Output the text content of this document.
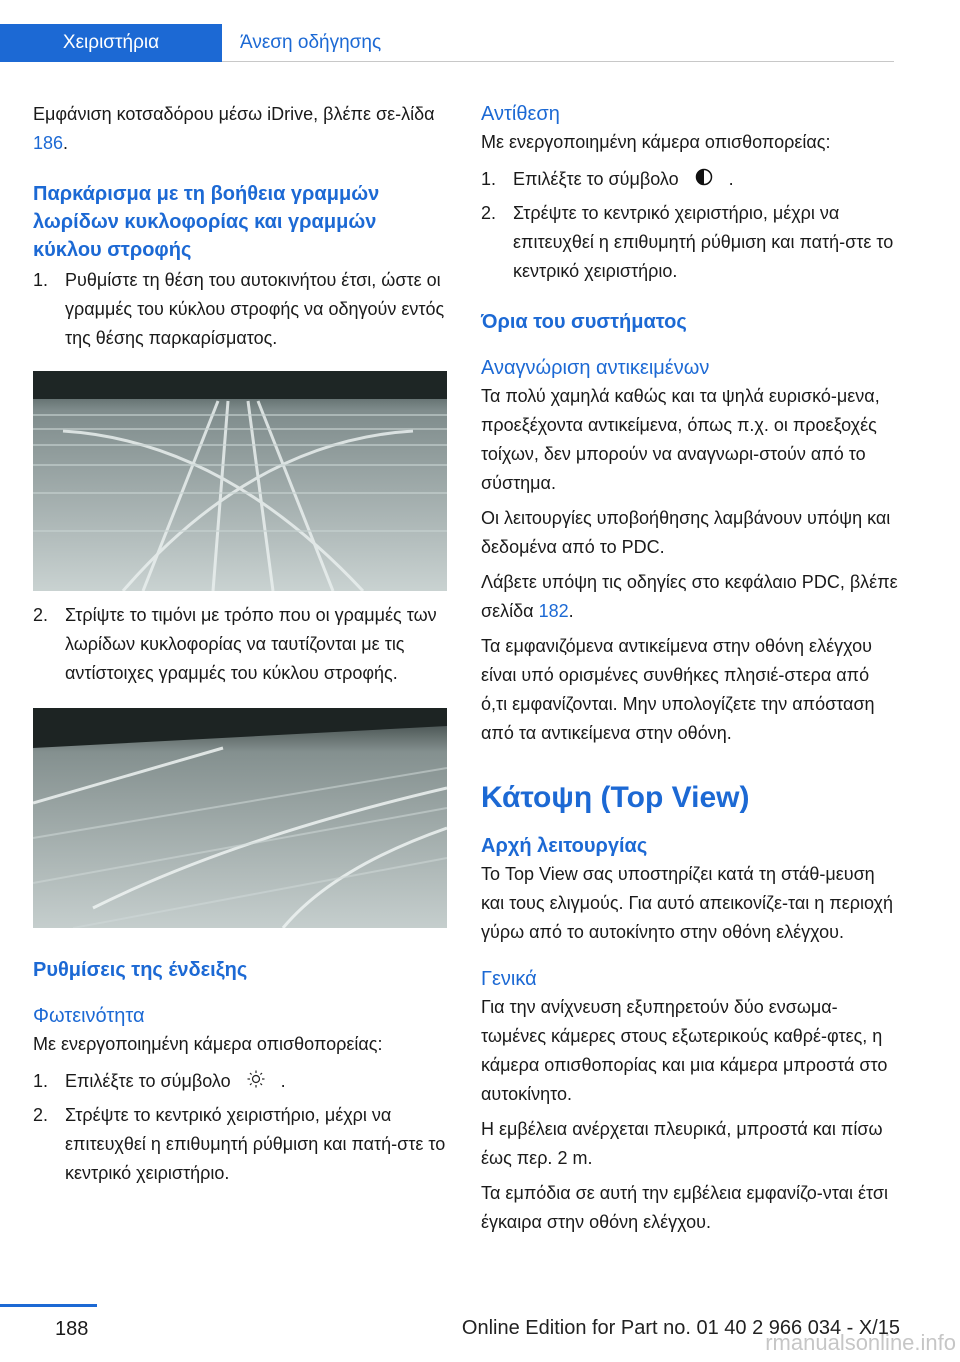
Χειριστήρια	Άνεση οδήγησης

Εμφάνιση κοτσαδόρου μέσω iDrive, βλέπε σε-λίδα 186.

Παρκάρισμα με τη βοήθεια γραμμών λωρίδων κυκλοφορίας και γραμμών κύκλου στροφής

1. Ρυθμίστε τη θέση του αυτοκινήτου έτσι, ώστε οι γραμμές του κύκλου στροφής να οδηγούν εντός της θέσης παρκαρίσματος.
2. Στρίψτε το τιμόνι με τρόπο που οι γραμμές των λωρίδων κυκλοφορίας να ταυτίζονται με τις αντίστοιχες γραμμές του κύκλου στροφής.

Ρυθμίσεις της ένδειξης

Φωτεινότητα

Με ενεργοποιημένη κάμερα οπισθοπορείας:

1. Επιλέξτε το σύμβολο	.
2. Στρέψτε το κεντρικό χειριστήριο, μέχρι να επιτευχθεί η επιθυμητή ρύθμιση και πατή-στε το κεντρικό χειριστήριο.

Αντίθεση

Με ενεργοποιημένη κάμερα οπισθοπορείας:

1. Επιλέξτε το σύμβολο	.
2. Στρέψτε το κεντρικό χειριστήριο, μέχρι να επιτευχθεί η επιθυμητή ρύθμιση και πατή-στε το κεντρικό χειριστήριο.

Όρια του συστήματος

Αναγνώριση αντικειμένων

Τα πολύ χαμηλά καθώς και τα ψηλά ευρισκό-μενα, προεξέχοντα αντικείμενα, όπως π.χ. οι προεξοχές τοίχων, δεν μπορούν να αναγνωρι-στούν από το σύστημα.

Οι λειτουργίες υποβοήθησης λαμβάνουν υπόψη και δεδομένα από το PDC.

Λάβετε υπόψη τις οδηγίες στο κεφάλαιο PDC, βλέπε σελίδα 182.

Τα εμφανιζόμενα αντικείμενα στην οθόνη ελέγχου είναι υπό ορισμένες συνθήκες πλησιέ-στερα από ό,τι εμφανίζονται. Μην υπολογίζετε την απόσταση από τα αντικείμενα στην οθόνη.

Κάτοψη (Top View)

Αρχή λειτουργίας

Το Top View σας υποστηρίζει κατά τη στάθ-μευση και τους ελιγμούς. Για αυτό απεικονίζε-ται η περιοχή γύρω από το αυτοκίνητο στην οθόνη ελέγχου.

Γενικά

Για την ανίχνευση εξυπηρετούν δύο ενσωμα-τωμένες κάμερες στους εξωτερικούς καθρέ-φτες, η κάμερα οπισθοπορίας και μια κάμερα μπροστά στο αυτοκίνητο.

Η εμβέλεια ανέρχεται πλευρικά, μπροστά και πίσω έως περ. 2 m.

Τα εμπόδια σε αυτή την εμβέλεια εμφανίζο-νται έτσι έγκαιρα στην οθόνη ελέγχου.

188	Online Edition for Part no. 01 40 2 966 034 - X/15
rmanualsonline.info
